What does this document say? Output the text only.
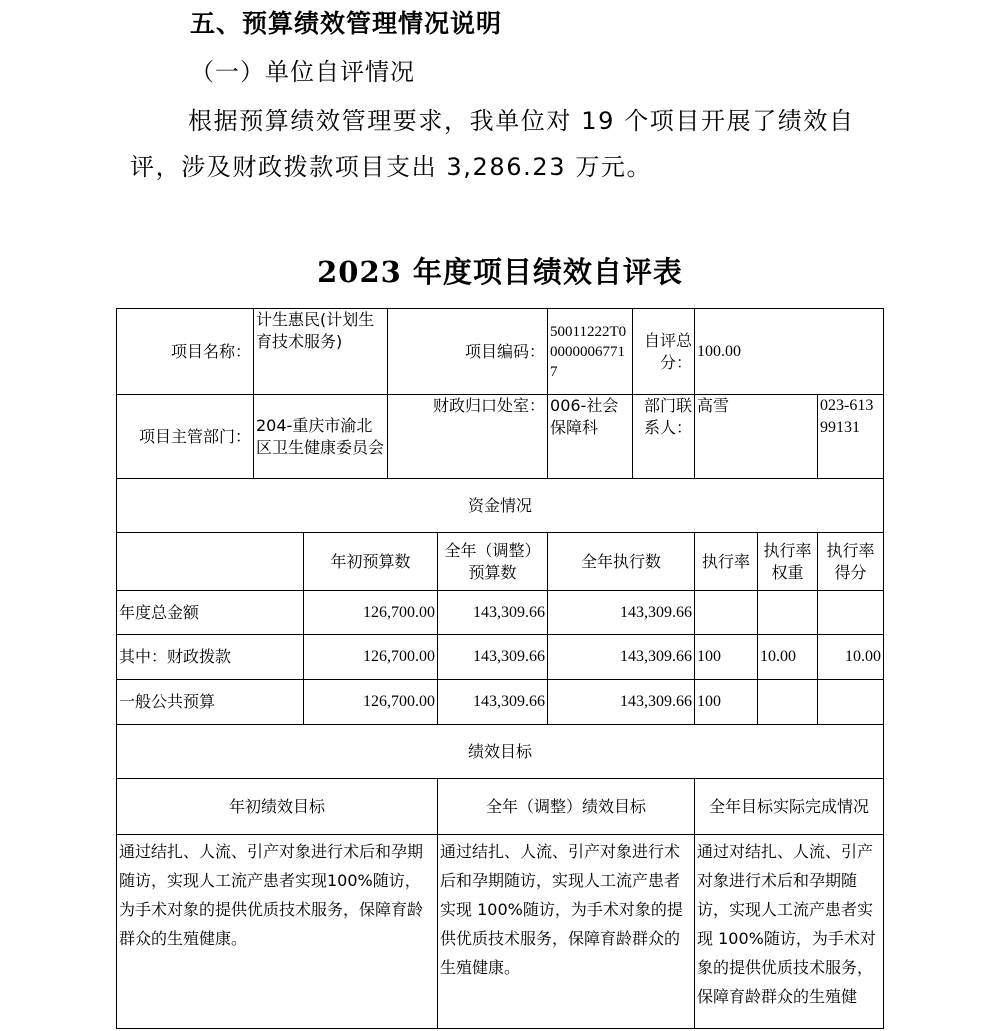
五、预算绩效管理情况说明
（一）单位自评情况
根据预算绩效管理要求，我单位对 19 个项目开展了绩效自评，涉及财政拨款项目支出 3,286.23 万元。
2023 年度项目绩效自评表
项目名称：	计生惠民(计划生育技术服务)		项目编码：		50011222T000000067717	自评总分：	100.00		
项目主管部门：	204-重庆市渝北区卫生健康委员会		财政归口处室：		006-社会保障科	部门联系人：	高雪		023-61399131
资金情况									
		年初预算数		全年（调整）预算数	全年执行数		执行率	执行率权重	执行率得分
年度总金额		126,700.00		143,309.66	143,309.66				
其中：财政拨款		126,700.00		143,309.66	143,309.66		100	10.00	10.00
一般公共预算		126,700.00		143,309.66	143,309.66		100		
绩效目标									
年初绩效目标				全年（调整）绩效目标			全年目标实际完成情况		
通过结扎、人流、引产对象进行术后和孕期随访，实现人工流产患者实现100%随访，为手术对象的提供优质技术服务，保障育龄群众的生殖健康。				通过结扎、人流、引产对象进行术后和孕期随访，实现人工流产患者实现 100%随访，为手术对象的提供优质技术服务，保障育龄群众的生殖健康。			通过对结扎、人流、引产对象进行术后和孕期随访，实现人工流产患者实现 100%随访，为手术对象的提供优质技术服务，保障育龄群众的生殖健		
